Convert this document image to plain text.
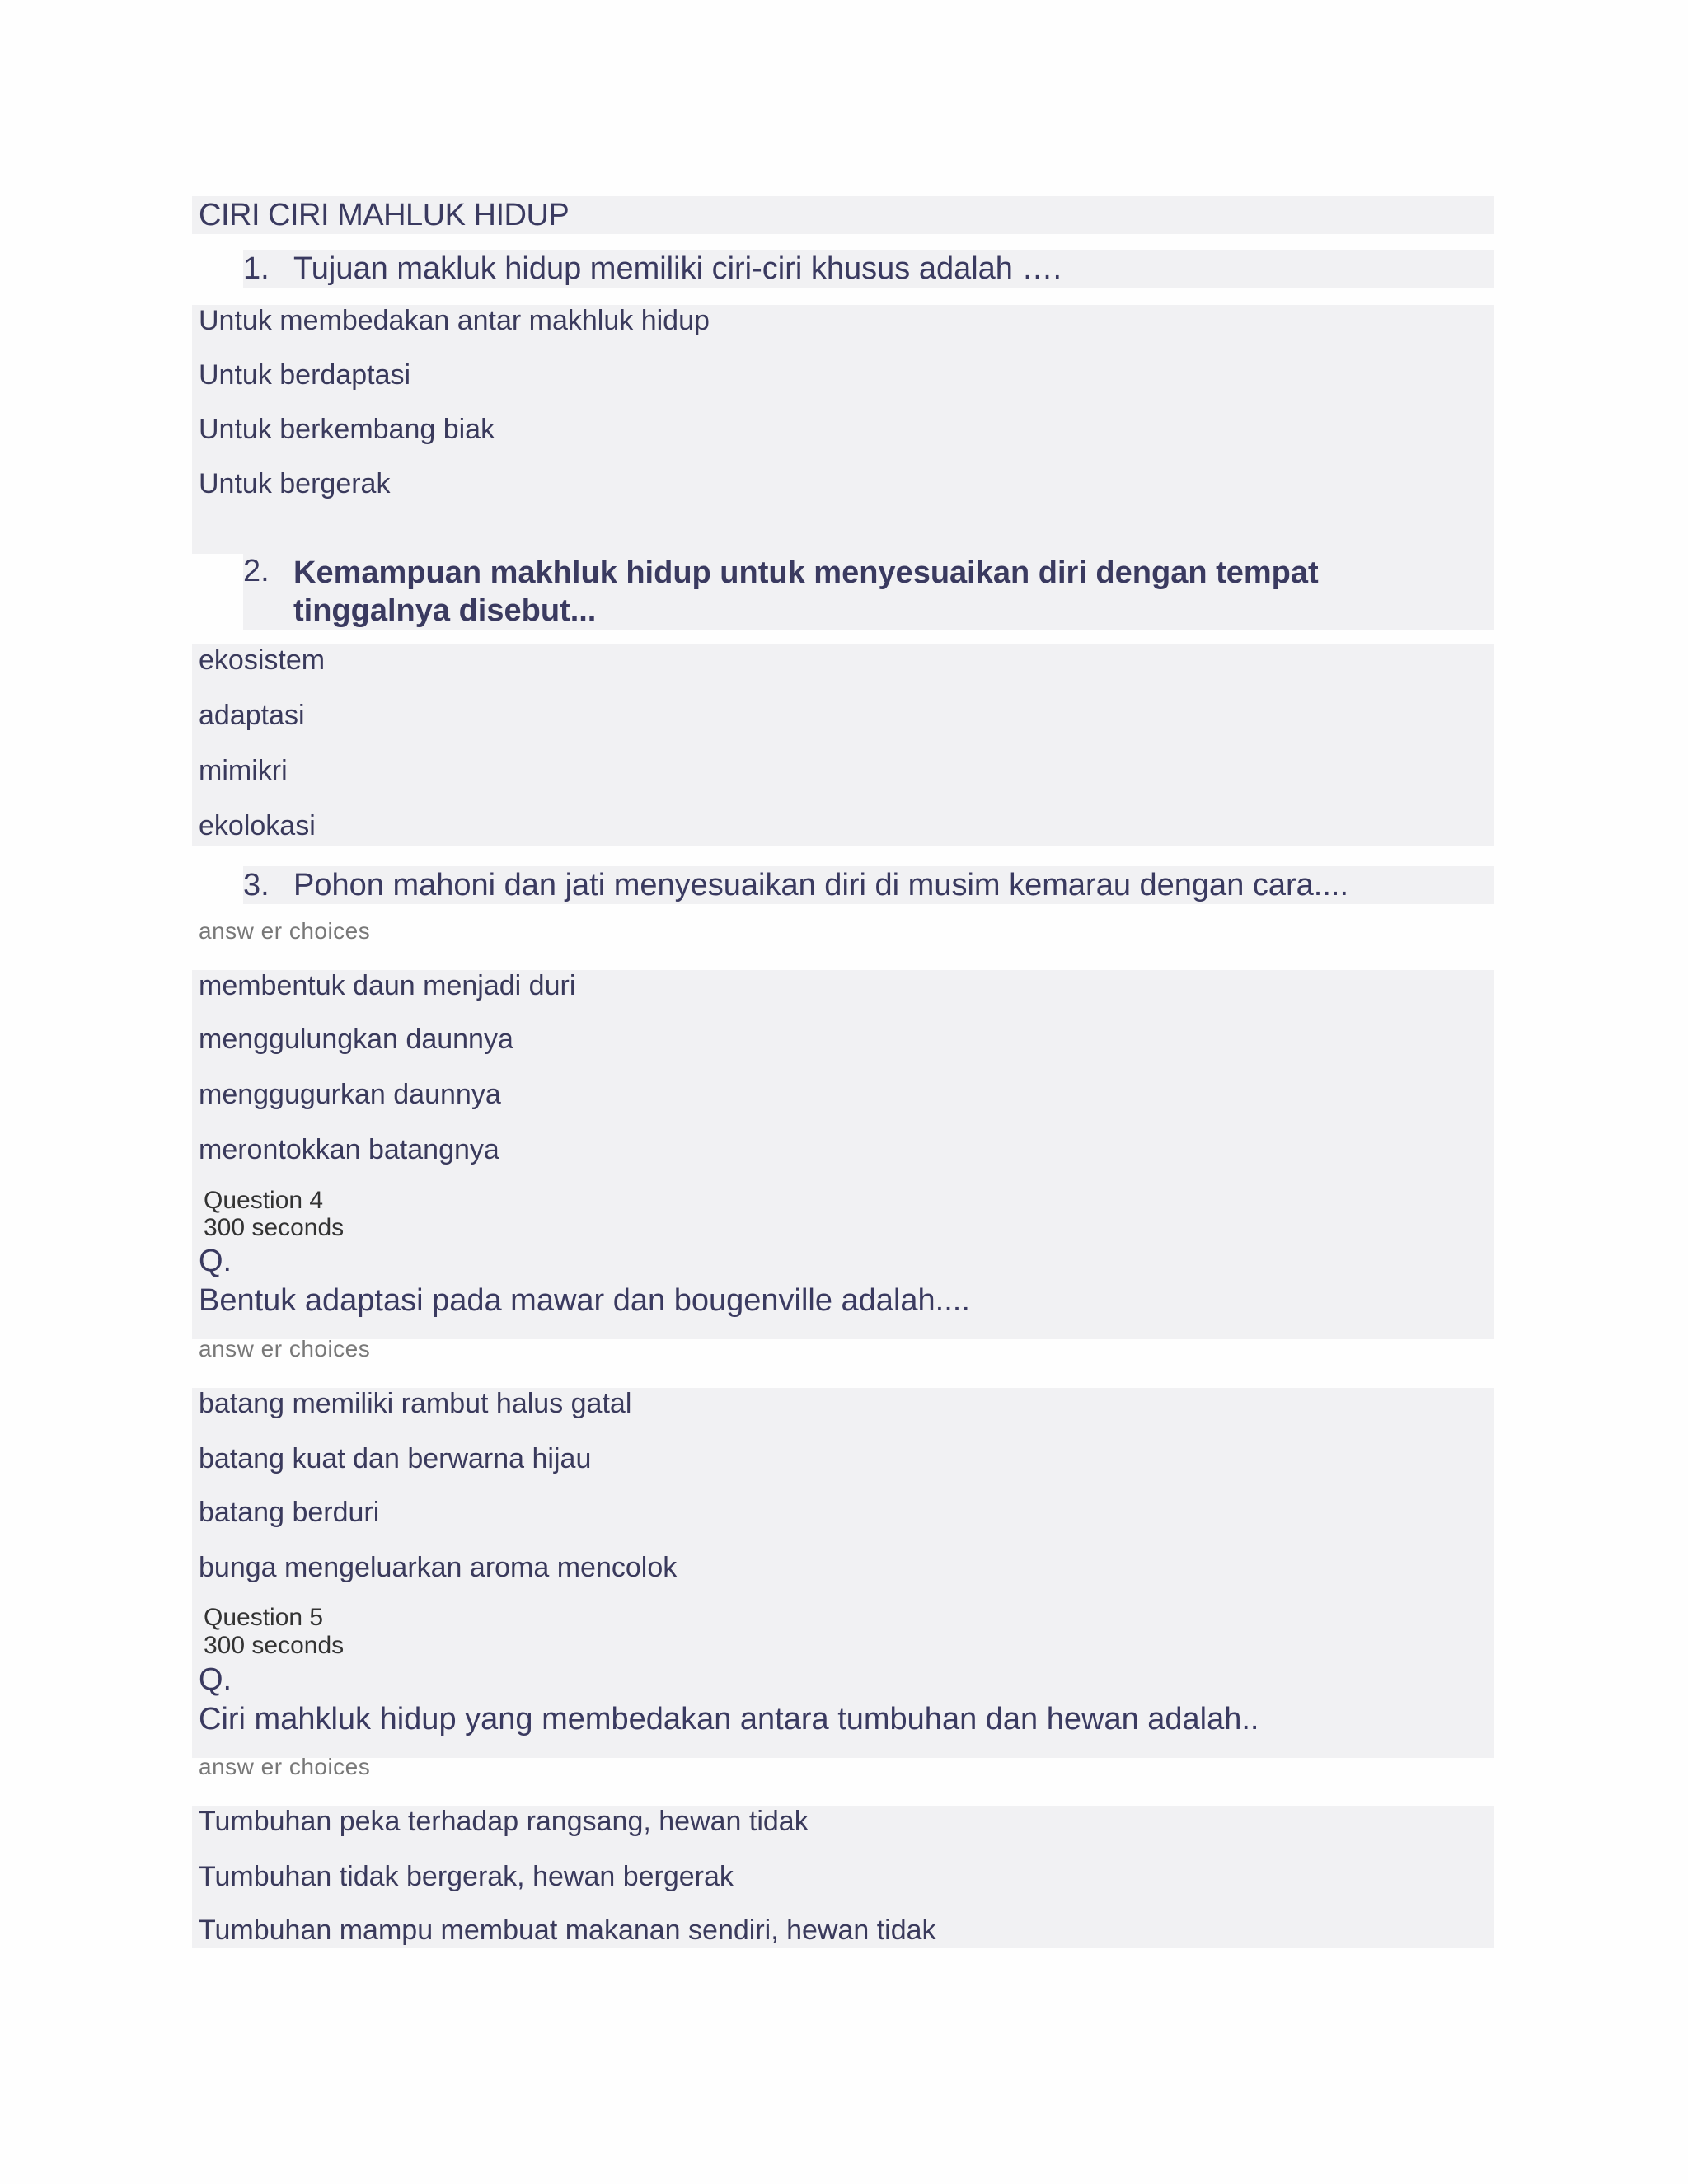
CIRI CIRI MAHLUK HIDUP
1. Tujuan makluk hidup memiliki ciri-ciri khusus adalah ….
Untuk membedakan antar makhluk hidup
Untuk berdaptasi
Untuk berkembang biak
Untuk bergerak
2. Kemampuan makhluk hidup untuk menyesuaikan diri dengan tempat tinggalnya disebut...
ekosistem
adaptasi
mimikri
ekolokasi
3. Pohon mahoni dan jati menyesuaikan diri di musim kemarau dengan cara....
answ er choices
membentuk daun menjadi duri
menggulungkan daunnya
menggugurkan daunnya
merontokkan batangnya
Question 4
300 seconds
Q.
Bentuk adaptasi pada mawar dan bougenville adalah....
answ er choices
batang memiliki rambut halus gatal
batang kuat dan berwarna hijau
batang berduri
bunga mengeluarkan aroma mencolok
Question 5
300 seconds
Q.
Ciri mahkluk hidup yang membedakan antara tumbuhan dan hewan adalah..
answ er choices
Tumbuhan peka terhadap rangsang, hewan tidak
Tumbuhan tidak bergerak, hewan bergerak
Tumbuhan mampu membuat makanan sendiri, hewan tidak
